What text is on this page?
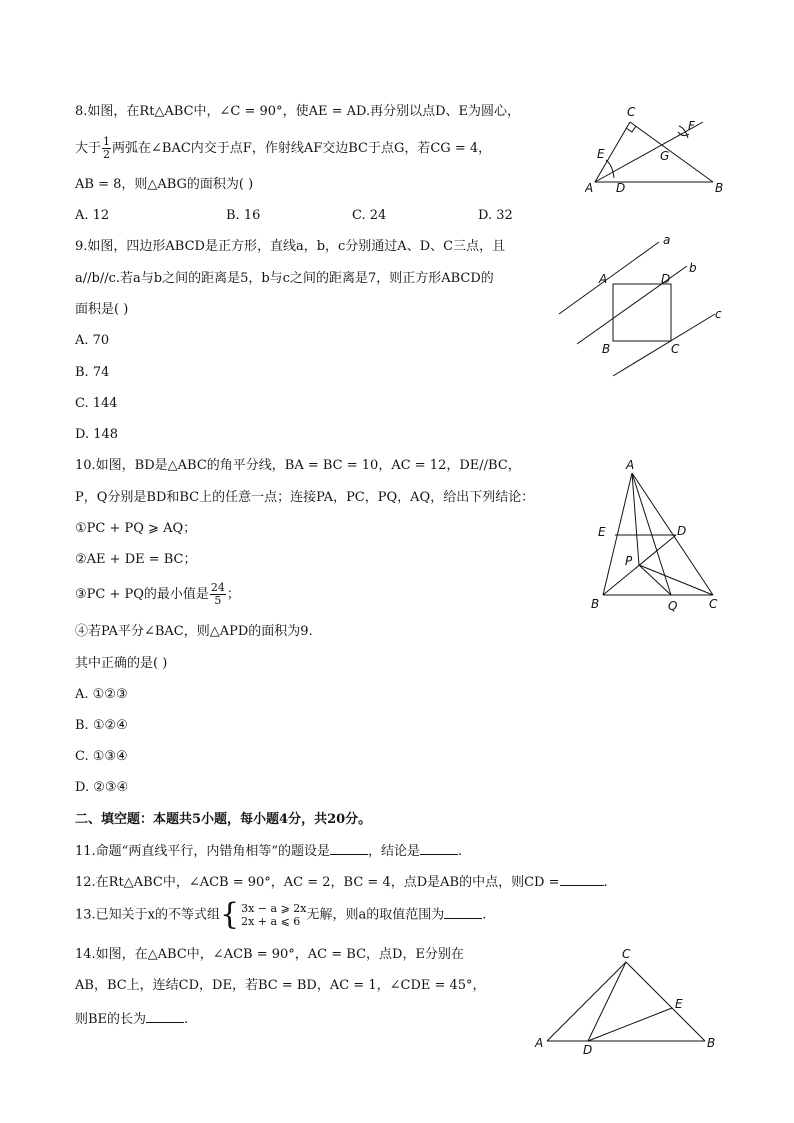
8.如图，在Rt△ABC中，∠C = 90°，使AE = AD.再分别以点D、E为圆心，
大于 $\frac{1}{2}$ 两弧在∠BAC内交于点F，作射线AF交边BC于点G，若CG = 4，
AB = 8，则△ABG的面积为( )
A. 12	B. 16	C. 24	D. 32
A	B
C
D
E
F
G
9.如图，四边形ABCD是正方形，直线a，b，c分别通过A、D、C三点，且
a//b//c.若a与b之间的距离是5，b与c之间的距离是7，则正方形ABCD的
面积是( )
A. 70
B. 74
C. 144
D. 148
a
b
c
A	D
B	C
10.如图，BD是△ABC的角平分线，BA = BC = 10，AC = 12，DE//BC，
P，Q分别是BD和BC上的任意一点；连接PA，PC，PQ，AQ，给出下列结论：
①PC + PQ ⩾ AQ；
②AE + DE = BC；
③PC + PQ的最小值是 $\frac{24}{5}$ ；
④若PA平分∠BAC，则△APD的面积为9.
其中正确的是( )
A. ①②③
B. ①②④
C. ①③④
D. ②③④
A
B	C
D
E
P
Q
二、填空题：本题共5小题，每小题4分，共20分。
11.命题“两直线平行，内错角相等”的题设是	，结论是	.
12.在Rt△ABC中，∠ACB = 90°，AC = 2，BC = 4，点D是AB的中点，则CD =	.
13.已知关于x的不等式组{ 3x − a ⩾ 2x
2x + a ⩽ 6 无解，则a的取值范围为	.
14.如图，在△ABC中，∠ACB = 90°，AC = BC，点D，E分别在
AB，BC上，连结CD，DE，若BC = BD，AC = 1，∠CDE = 45°，
则BE的长为	.
A	B
C
D
E
